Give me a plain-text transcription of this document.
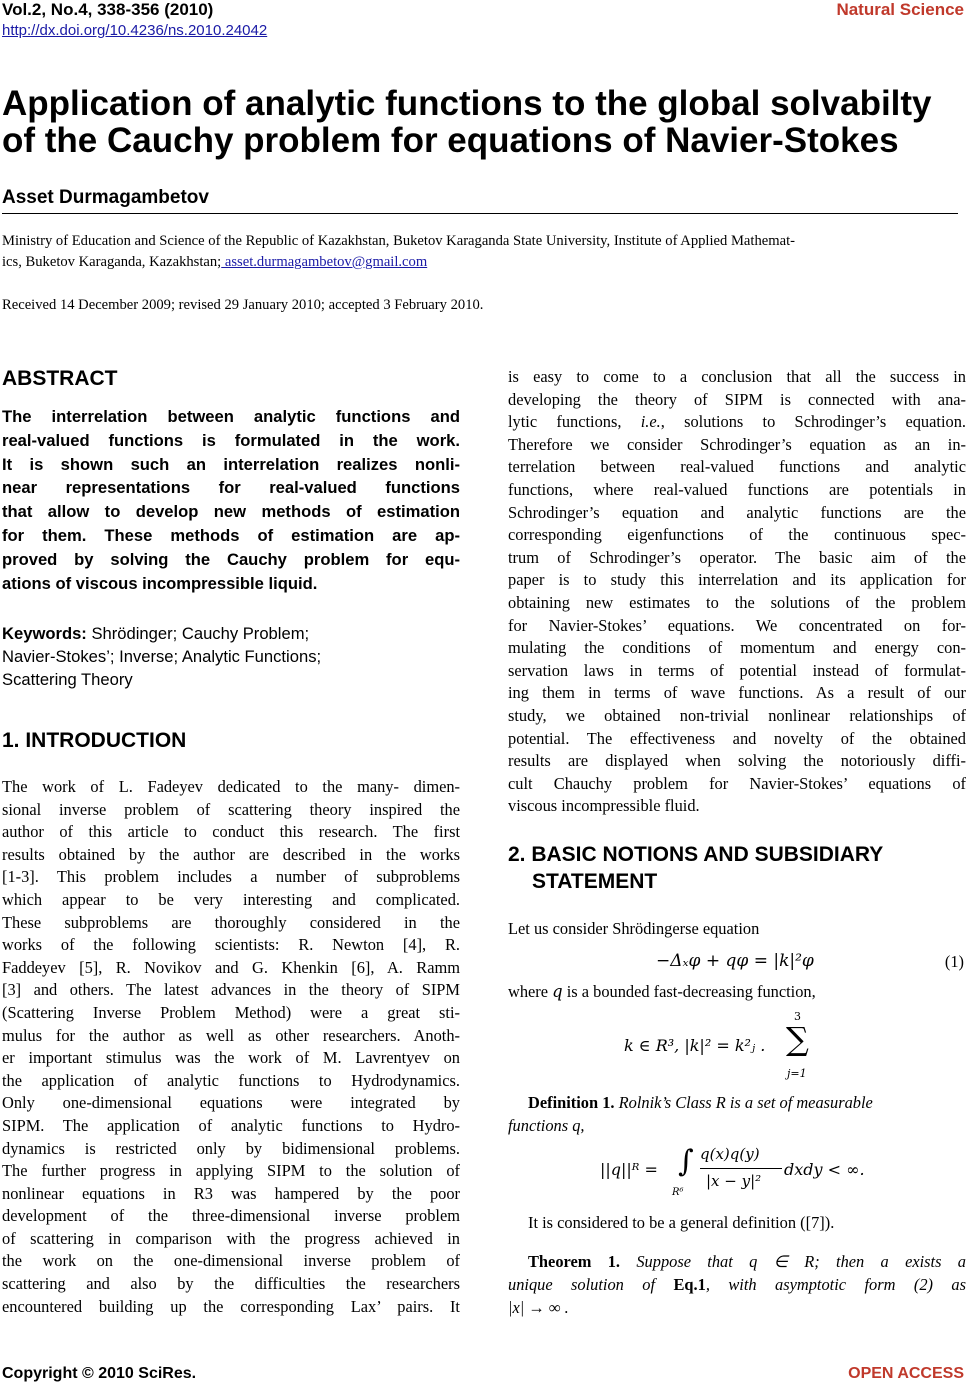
Vol.2, No.4, 338-356 (2010)	Natural Science
http://dx.doi.org/10.4236/ns.2010.24042
Application of analytic functions to the global solvabilty
of the Cauchy problem for equations of Navier-Stokes
Asset Durmagambetov
Ministry of Education and Science of the Republic of Kazakhstan, Buketov Karaganda State University, Institute of Applied Mathemat-
ics, Buketov Karaganda, Kazakhstan; asset.durmagambetov@gmail.com
Received 14 December 2009; revised 29 January 2010; accepted 3 February 2010.
ABSTRACT
The interrelation between analytic functions and
real-valued functions is formulated in the work.
It is shown such an interrelation realizes nonli-
near representations for real-valued functions
that allow to develop new methods of estimation
for them. These methods of estimation are ap-
proved by solving the Cauchy problem for equ-
ations of viscous incompressible liquid.
Keywords: Shrödinger; Cauchy Problem;
Navier-Stokes’; Inverse; Analytic Functions;
Scattering Theory
1. INTRODUCTION
The work of L. Fadeyev dedicated to the many- dimen-
sional inverse problem of scattering theory inspired the
author of this article to conduct this research. The first
results obtained by the author are described in the works
[1-3]. This problem includes a number of subproblems
which appear to be very interesting and complicated.
These subproblems are thoroughly considered in the
works of the following scientists: R. Newton [4], R.
Faddeyev [5], R. Novikov and G. Khenkin [6], A. Ramm
[3] and others. The latest advances in the theory of SIPM
(Scattering Inverse Problem Method) were a great sti-
mulus for the author as well as other researchers. Anoth-
er important stimulus was the work of M. Lavrentyev on
the application of analytic functions to Hydrodynamics.
Only one-dimensional equations were integrated by
SIPM. The application of analytic functions to Hydro-
dynamics is restricted only by bidimensional problems.
The further progress in applying SIPM to the solution of
nonlinear equations in R3 was hampered by the poor
development of the three-dimensional inverse problem
of scattering in comparison with the progress achieved in
the work on the one-dimensional inverse problem of
scattering and also by the difficulties the researchers
encountered building up the corresponding Lax’ pairs. It
is easy to come to a conclusion that all the success in
developing the theory of SIPM is connected with ana-
lytic functions, i.e., solutions to Schrodinger’s equation.
Therefore we consider Schrodinger’s equation as an in-
terrelation between real-valued functions and analytic
functions, where real-valued functions are potentials in
Schrodinger’s equation and analytic functions are the
corresponding eigenfunctions of the continuous spec-
trum of Schrodinger’s operator. The basic aim of the
paper is to study this interrelation and its application for
obtaining new estimates to the solutions of the problem
for Navier-Stokes’ equations. We concentrated on for-
mulating the conditions of momentum and energy con-
servation laws in terms of potential instead of formulat-
ing them in terms of wave functions. As a result of our
study, we obtained non-trivial nonlinear relationships of
potential. The effectiveness and novelty of the obtained
results are displayed when solving the notoriously diffi-
cult Chauchy problem for Navier-Stokes’ equations of
viscous incompressible fluid.
2. BASIC NOTIONS AND SUBSIDIARY
STATEMENT
Let us consider Shrödingerse equation
−Δₓφ + qφ = |k|²φ	(1)
where q is a bounded fast-decreasing function,
3
∑
j=1
k ∈ R³, |k|² = k²ⱼ .
Definition 1. Rolnik’s Class R is a set of measurable
functions q,
||q||ᴿ = ∫
R⁶
q(x)q(y)
|x − y|²
dxdy < ∞.
It is considered to be a general definition ([7]).
Theorem 1. Suppose that q ∈ R; then a exists a
unique solution of Eq.1, with asymptotic form (2) as
|x| → ∞ .
Copyright © 2010 SciRes.	OPEN ACCESS
